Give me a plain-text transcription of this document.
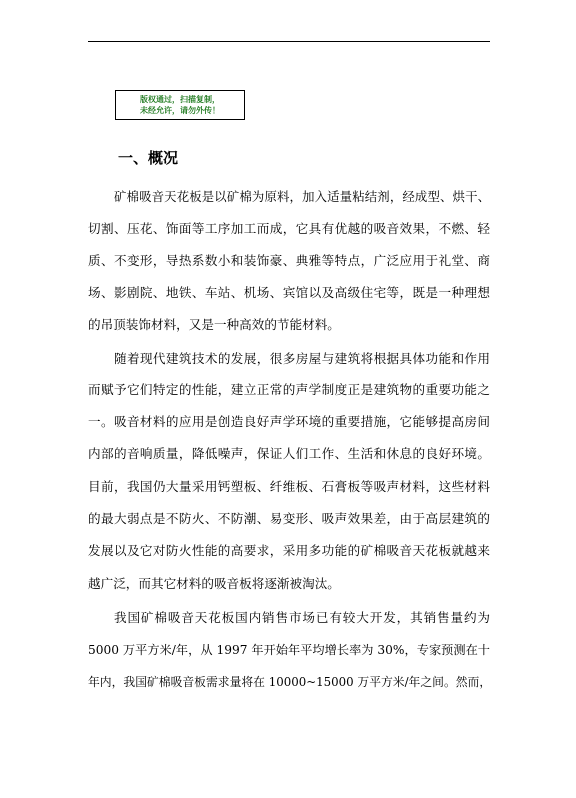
版权通过，扫描复制，
未经允许，请勿外传！
一、概况
矿棉吸音天花板是以矿棉为原料，加入适量粘结剂，经成型、烘干、
切割、压花、饰面等工序加工而成，它具有优越的吸音效果，不燃、轻
质、不变形，导热系数小和装饰豪、典雅等特点，广泛应用于礼堂、商
场、影剧院、地铁、车站、机场、宾馆以及高级住宅等，既是一种理想
的吊顶装饰材料，又是一种高效的节能材料。
随着现代建筑技术的发展，很多房屋与建筑将根据具体功能和作用
而赋予它们特定的性能，建立正常的声学制度正是建筑物的重要功能之
一。吸音材料的应用是创造良好声学环境的重要措施，它能够提高房间
内部的音响质量，降低噪声，保证人们工作、生活和休息的良好环境。
目前，我国仍大量采用钙塑板、纤维板、石膏板等吸声材料，这些材料
的最大弱点是不防火、不防潮、易变形、吸声效果差，由于高层建筑的
发展以及它对防火性能的高要求，采用多功能的矿棉吸音天花板就越来
越广泛，而其它材料的吸音板将逐渐被淘汰。
我国矿棉吸音天花板国内销售市场已有较大开发，其销售量约为
5000 万平方米/年，从 1997 年开始年平均增长率为 30%，专家预测在十
年内，我国矿棉吸音板需求量将在 10000~15000 万平方米/年之间。然而，
